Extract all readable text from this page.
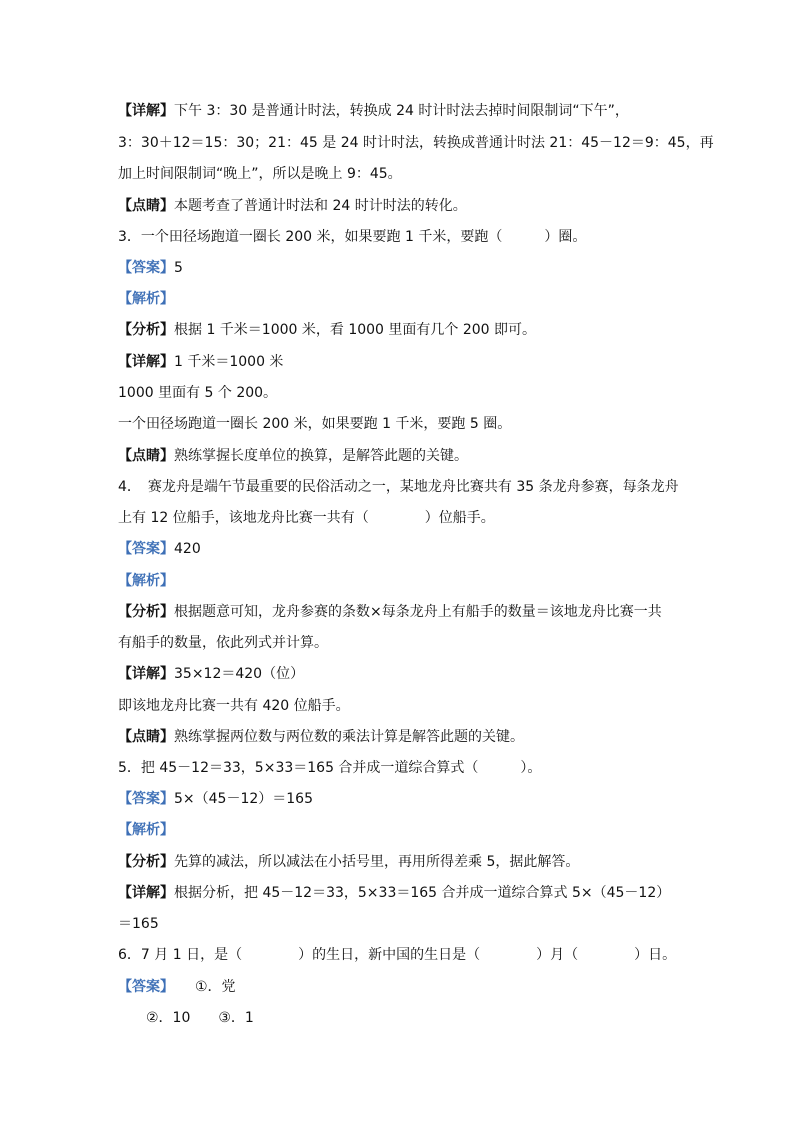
【详解】下午 3：30 是普通计时法，转换成 24 时计时法去掉时间限制词“下午”，
3：30＋12＝15：30；21：45 是 24 时计时法，转换成普通计时法 21：45－12＝9：45，再
加上时间限制词“晚上”，所以是晚上 9：45。
【点睛】本题考查了普通计时法和 24 时计时法的转化。
3．一个田径场跑道一圈长 200 米，如果要跑 1 千米，要跑（　　　）圈。
【答案】5
【解析】
【分析】根据 1 千米＝1000 米，看 1000 里面有几个 200 即可。
【详解】1 千米＝1000 米
1000 里面有 5 个 200。
一个田径场跑道一圈长 200 米，如果要跑 1 千米，要跑 5 圈。
【点睛】熟练掌握长度单位的换算，是解答此题的关键。
4．　赛龙舟是端午节最重要的民俗活动之一，某地龙舟比赛共有 35 条龙舟参赛，每条龙舟
上有 12 位船手，该地龙舟比赛一共有（　　　　）位船手。
【答案】420
【解析】
【分析】根据题意可知，龙舟参赛的条数×每条龙舟上有船手的数量＝该地龙舟比赛一共
有船手的数量，依此列式并计算。
【详解】35×12＝420（位）
即该地龙舟比赛一共有 420 位船手。
【点睛】熟练掌握两位数与两位数的乘法计算是解答此题的关键。
5．把 45－12＝33，5×33＝165 合并成一道综合算式（　　　）。
【答案】5×（45－12）＝165
【解析】
【分析】先算的减法，所以减法在小括号里，再用所得差乘 5，据此解答。
【详解】根据分析，把 45－12＝33，5×33＝165 合并成一道综合算式 5×（45－12）
＝165
6．7 月 1 日，是（　　　　）的生日，新中国的生日是（　　　　）月（　　　　）日。
【答案】　　①．党
②．10　　③．1
